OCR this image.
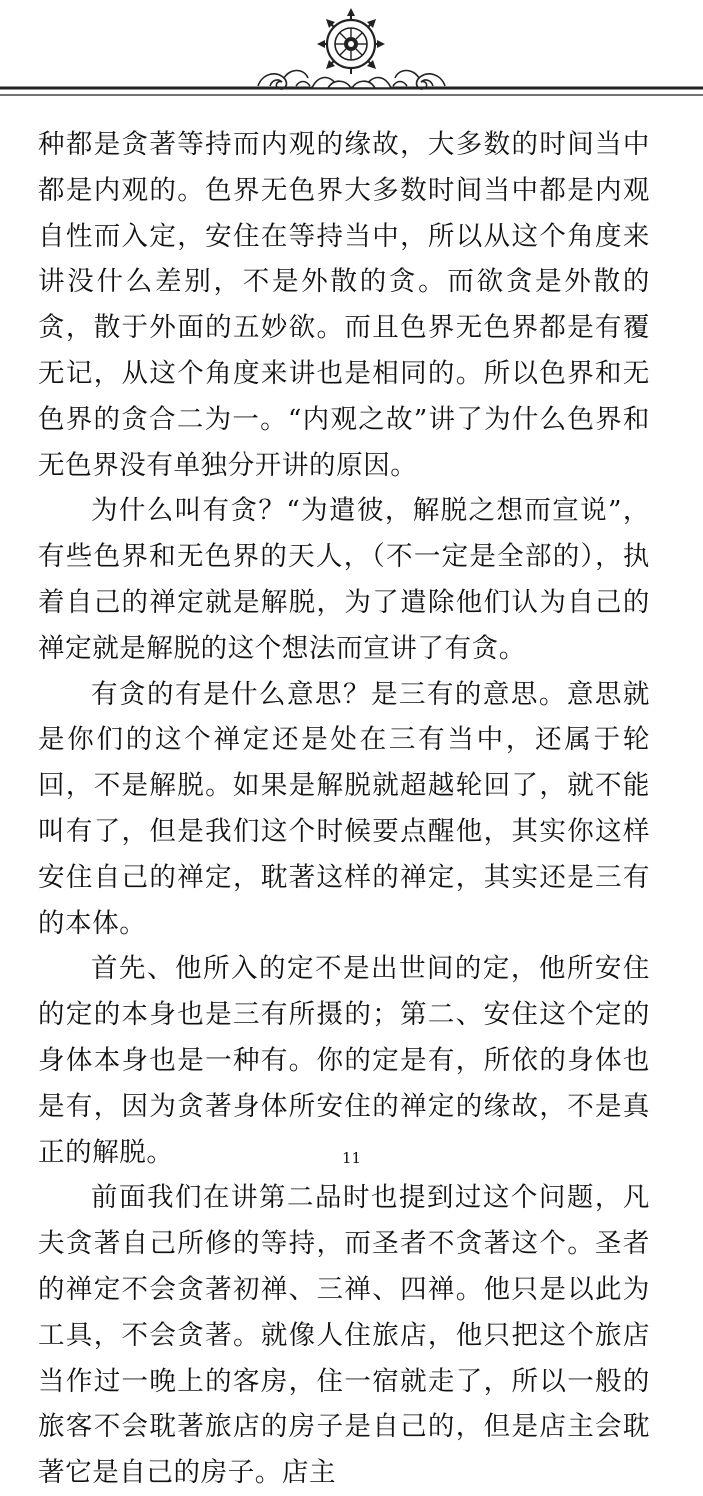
种都是贪著等持而内观的缘故，大多数的时间当中都是内观的。色界无色界大多数时间当中都是内观自性而入定，安住在等持当中，所以从这个角度来讲没什么差别，不是外散的贪。而欲贪是外散的贪，散于外面的五妙欲。而且色界无色界都是有覆无记，从这个角度来讲也是相同的。所以色界和无色界的贪合二为一。“内观之故”讲了为什么色界和无色界没有单独分开讲的原因。

为什么叫有贪？“为遣彼，解脱之想而宣说”，有些色界和无色界的天人，（不一定是全部的），执着自己的禅定就是解脱，为了遣除他们认为自己的禅定就是解脱的这个想法而宣讲了有贪。

有贪的有是什么意思？是三有的意思。意思就是你们的这个禅定还是处在三有当中，还属于轮回，不是解脱。如果是解脱就超越轮回了，就不能叫有了，但是我们这个时候要点醒他，其实你这样安住自己的禅定，耽著这样的禅定，其实还是三有的本体。

首先、他所入的定不是出世间的定，他所安住的定的本身也是三有所摄的；第二、安住这个定的身体本身也是一种有。你的定是有，所依的身体也是有，因为贪著身体所安住的禅定的缘故，不是真正的解脱。

前面我们在讲第二品时也提到过这个问题，凡夫贪著自己所修的等持，而圣者不贪著这个。圣者的禅定不会贪著初禅、三禅、四禅。他只是以此为工具，不会贪著。就像人住旅店，他只把这个旅店当作过一晚上的客房，住一宿就走了，所以一般的旅客不会耽著旅店的房子是自己的，但是店主会耽著它是自己的房子。店主

11
